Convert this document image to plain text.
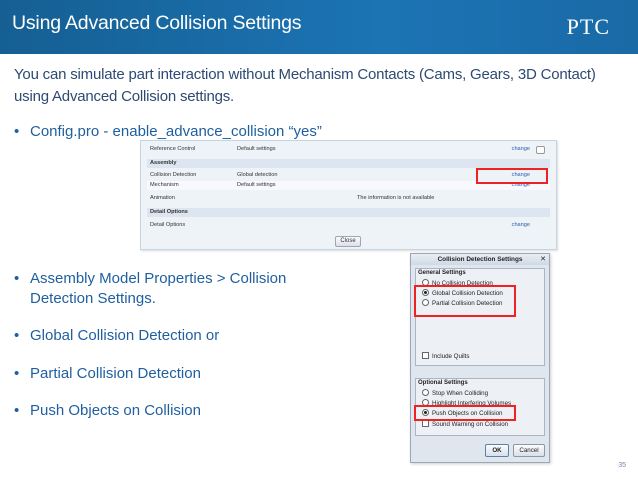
Using Advanced Collision Settings	PTC
You can simulate part interaction without Mechanism Contacts (Cams, Gears, 3D Contact) using Advanced Collision settings.
• Config.pro - enable_advance_collision “yes”
• Assembly Model Properties > Collision
Detection Settings.
• Global Collision Detection or
• Partial Collision Detection
• Push Objects on Collision
Reference Control	Default settings	change
Assembly
Collision Detection	Global detection	change
Mechanism	Default settings	change
Animation	The information is not available
Detail Options
Detail Options	change
Close
Collision Detection Settings	✕
General Settings
No Collision Detection
Global Collision Detection
Partial Collision Detection
Include Quilts
Optional Settings
Stop When Colliding
Highlight Interfering Volumes
Push Objects on Collision
Sound Warning on Collision
OK	Cancel
35
